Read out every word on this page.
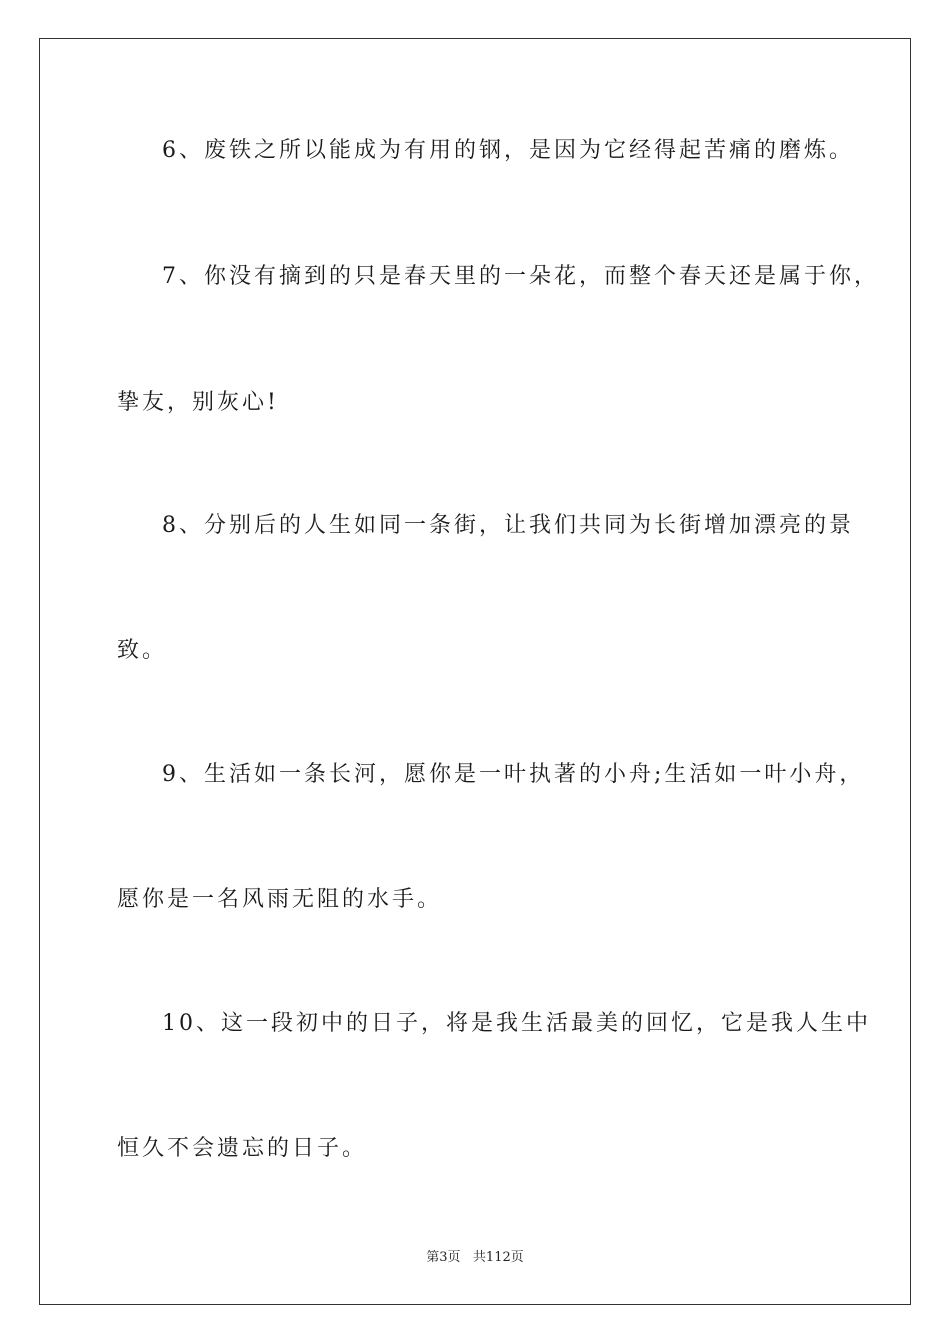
6、废铁之所以能成为有用的钢，是因为它经得起苦痛的磨炼。
7、你没有摘到的只是春天里的一朵花，而整个春天还是属于你，
挚友，别灰心!
8、分别后的人生如同一条街，让我们共同为长街增加漂亮的景
致。
9、生活如一条长河，愿你是一叶执著的小舟;生活如一叶小舟，
愿你是一名风雨无阻的水手。
10、这一段初中的日子，将是我生活最美的回忆，它是我人生中
恒久不会遗忘的日子。
第3页   共112页
